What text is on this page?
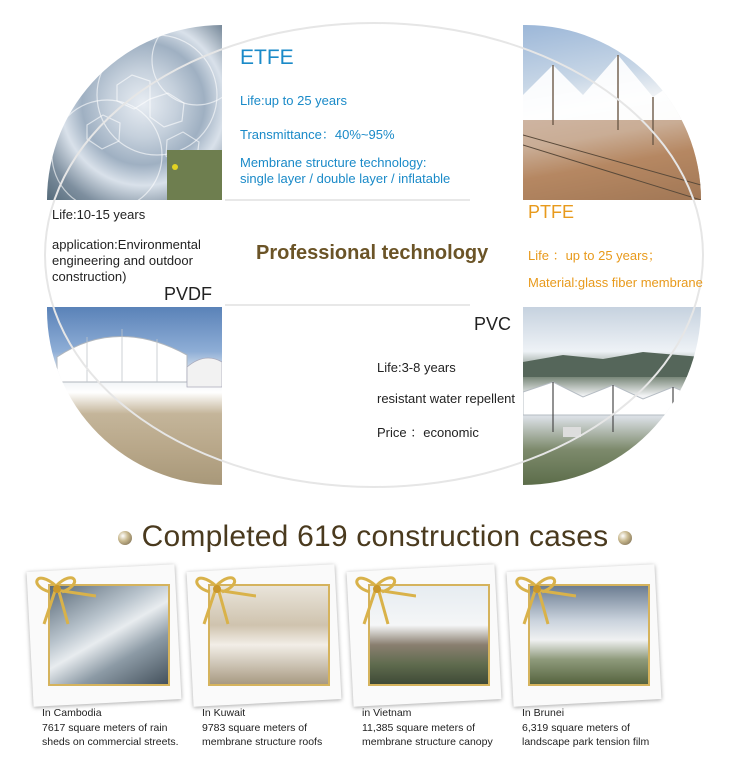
ETFE
Life:up to 25 years
Transmittance：40%~95%
Membrane structure technology:
single layer / double layer / inflatable
Life:10-15 years
application:Environmental
engineering and outdoor
construction)
PVDF
Professional technology
PTFE
Life ：up to 25 years；
Material:glass fiber membrane
PVC
Life:3-8 years
resistant water repellent
Price ：economic
Completed 619 construction cases
In Cambodia
7617 square meters of rain
sheds on commercial streets.
In Kuwait
9783 square meters of
membrane structure roofs
in Vietnam
11,385 square meters of
membrane structure canopy
In Brunei
6,319 square meters of
landscape park tension film
